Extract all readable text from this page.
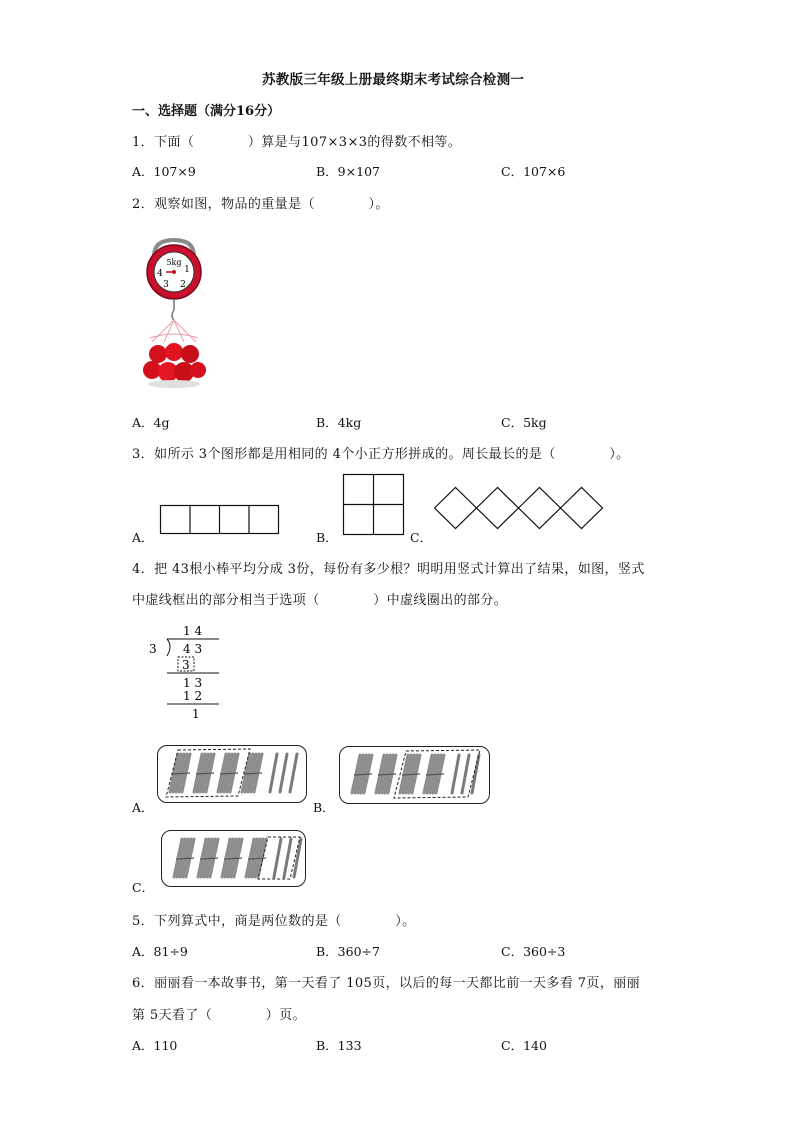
苏教版三年级上册最终期末考试综合检测一
一、选择题（满分16分）
1．下面（　　　　）算是与107×3×3的得数不相等。
A．107×9	B．9×107	C．107×6
2．观察如图，物品的重量是（　　　　）。
5kg
4 1
3 2
A．4g	B．4kg	C．5kg
3．如所示 3个图形都是用相同的 4个小正方形拼成的。周长最长的是（　　　　）。
A．	B．	C．
4．把 43根小棒平均分成 3份，每份有多少根？明明用竖式计算出了结果，如图，竖式
中虚线框出的部分相当于选项（　　　　）中虚线圈出的部分。
1 4
3 4 3
3
1 3
1 2
1
A．	B．
C．
5．下列算式中，商是两位数的是（　　　　）。
A．81÷9	B．360÷7	C．360÷3
6．丽丽看一本故事书，第一天看了 105页，以后的每一天都比前一天多看 7页，丽丽
第 5天看了（　　　　）页。
A．110	B．133	C．140
